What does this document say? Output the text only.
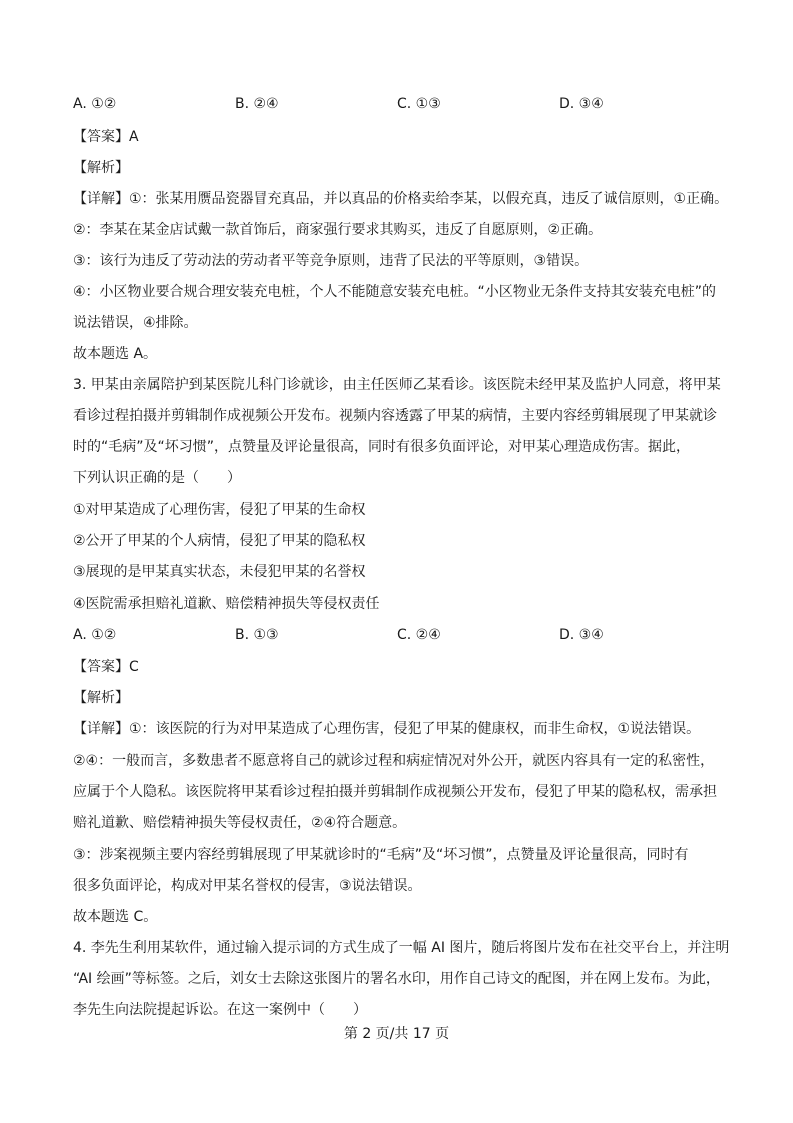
A. ①②	B. ②④	C. ①③	D. ③④
【答案】A
【解析】
【详解】①：张某用赝品瓷器冒充真品，并以真品的价格卖给李某，以假充真，违反了诚信原则，①正确。
②：李某在某金店试戴一款首饰后，商家强行要求其购买，违反了自愿原则，②正确。
③：该行为违反了劳动法的劳动者平等竞争原则，违背了民法的平等原则，③错误。
④：小区物业要合规合理安装充电桩，个人不能随意安装充电桩。“小区物业无条件支持其安装充电桩”的
说法错误，④排除。
故本题选 A。
3. 甲某由亲属陪护到某医院儿科门诊就诊，由主任医师乙某看诊。该医院未经甲某及监护人同意，将甲某
看诊过程拍摄并剪辑制作成视频公开发布。视频内容透露了甲某的病情，主要内容经剪辑展现了甲某就诊
时的“毛病”及“坏习惯”，点赞量及评论量很高，同时有很多负面评论，对甲某心理造成伤害。据此，
下列认识正确的是（　　）
①对甲某造成了心理伤害，侵犯了甲某的生命权
②公开了甲某的个人病情，侵犯了甲某的隐私权
③展现的是甲某真实状态，未侵犯甲某的名誉权
④医院需承担赔礼道歉、赔偿精神损失等侵权责任
A. ①②	B. ①③	C. ②④	D. ③④
【答案】C
【解析】
【详解】①：该医院的行为对甲某造成了心理伤害，侵犯了甲某的健康权，而非生命权，①说法错误。
②④：一般而言，多数患者不愿意将自己的就诊过程和病症情况对外公开，就医内容具有一定的私密性，
应属于个人隐私。该医院将甲某看诊过程拍摄并剪辑制作成视频公开发布，侵犯了甲某的隐私权，需承担
赔礼道歉、赔偿精神损失等侵权责任，②④符合题意。
③：涉案视频主要内容经剪辑展现了甲某就诊时的“毛病”及“坏习惯”，点赞量及评论量很高，同时有
很多负面评论，构成对甲某名誉权的侵害，③说法错误。
故本题选 C。
4. 李先生利用某软件，通过输入提示词的方式生成了一幅 AI 图片，随后将图片发布在社交平台上，并注明
“AI 绘画”等标签。之后，刘女士去除这张图片的署名水印，用作自己诗文的配图，并在网上发布。为此，
李先生向法院提起诉讼。在这一案例中（　　）
第 2 页/共 17 页
